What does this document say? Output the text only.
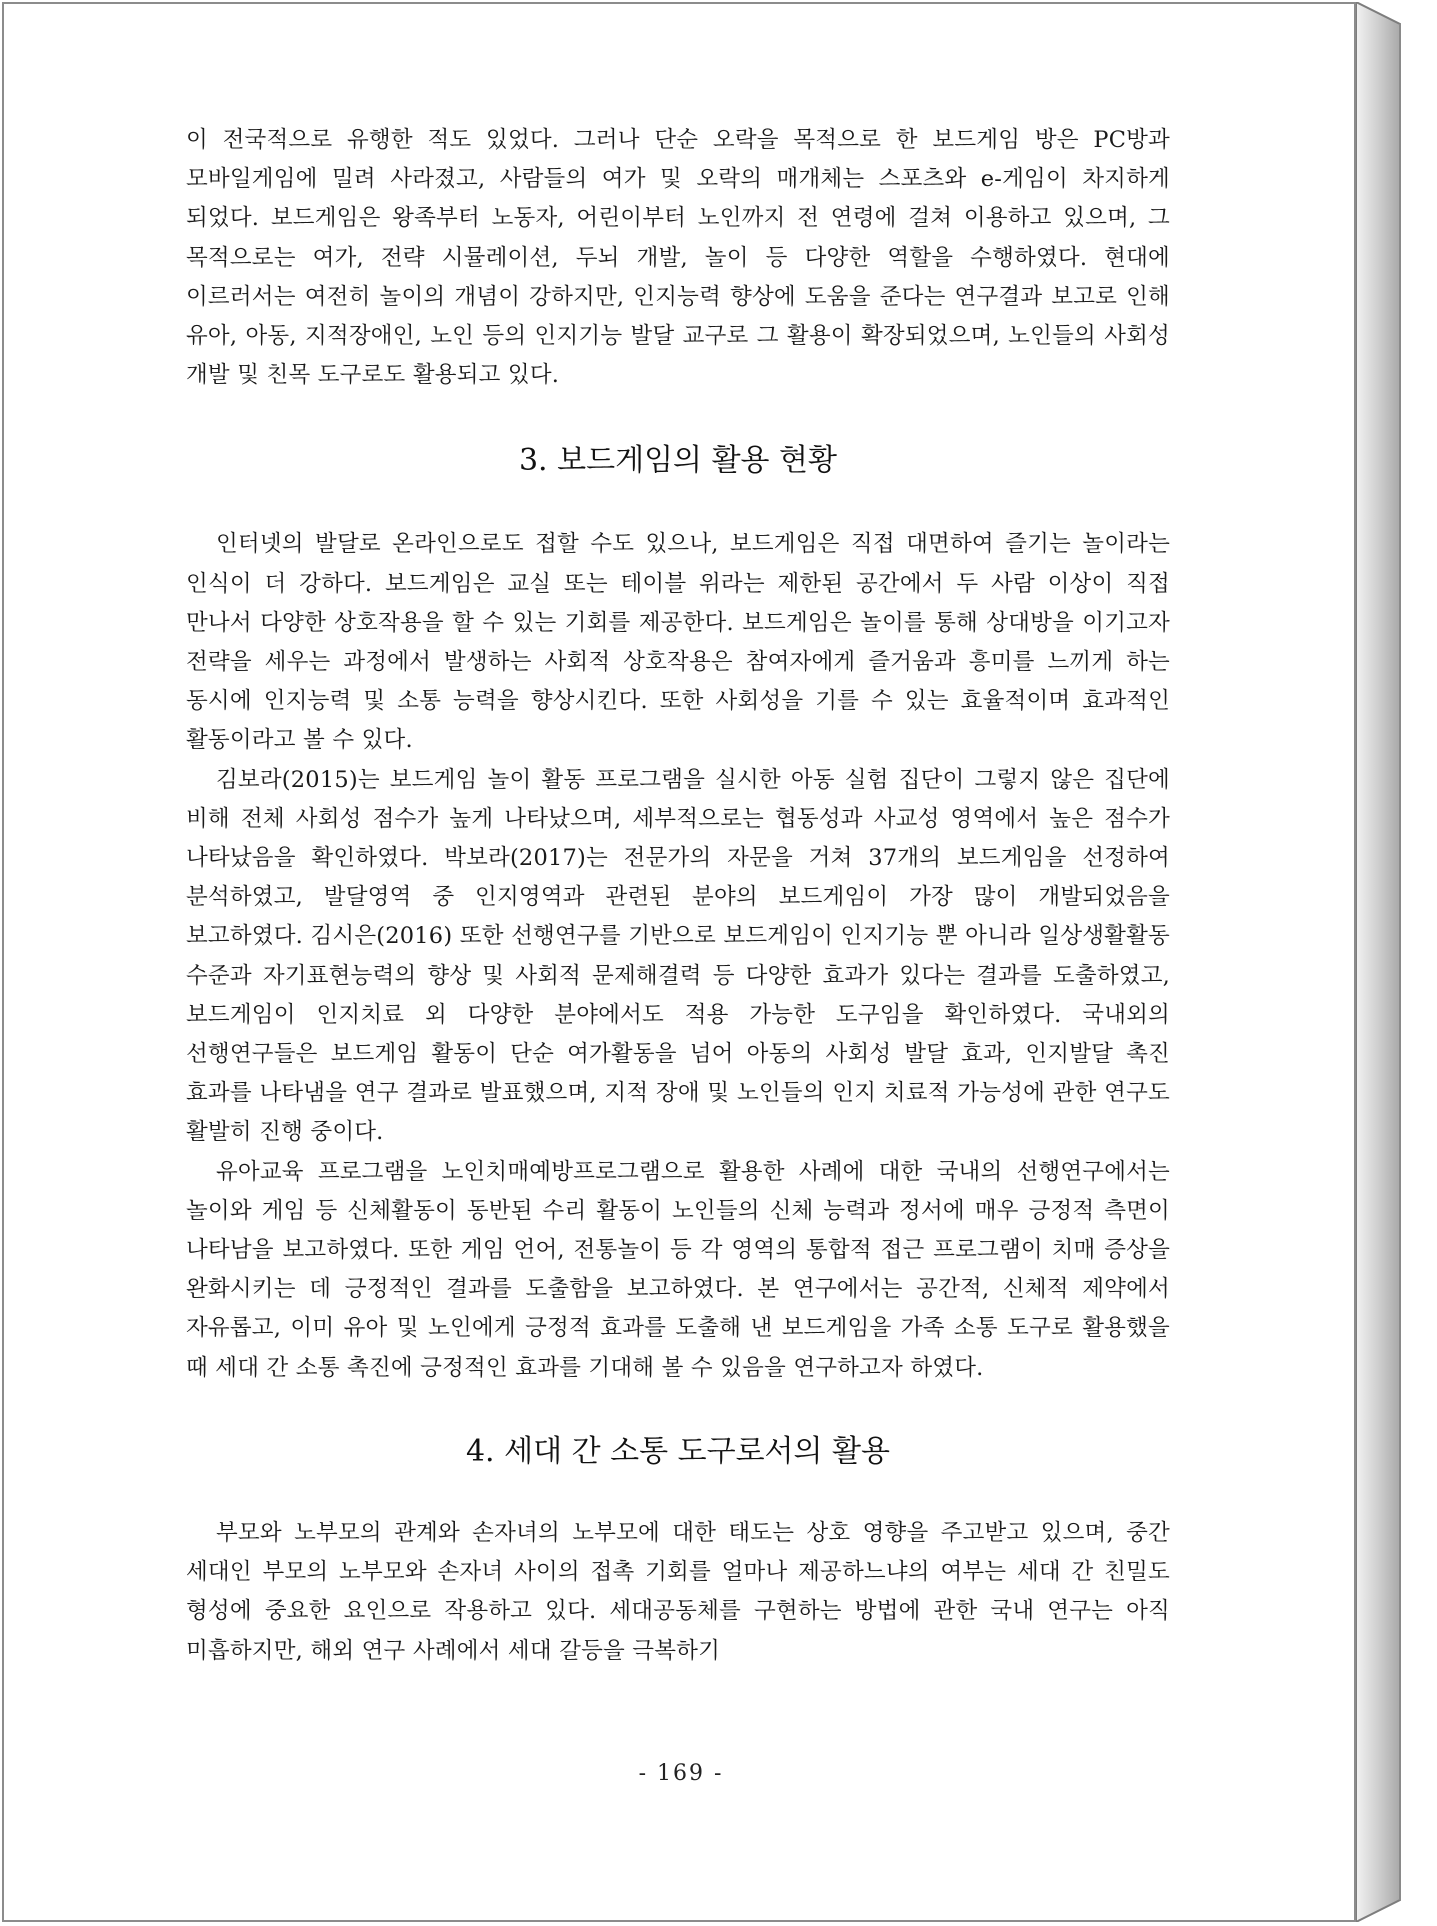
이 전국적으로 유행한 적도 있었다. 그러나 단순 오락을 목적으로 한 보드게임 방은 PC방과 모바일게임에 밀려 사라졌고, 사람들의 여가 및 오락의 매개체는 스포츠와 e-게임이 차지하게 되었다. 보드게임은 왕족부터 노동자, 어린이부터 노인까지 전 연령에 걸쳐 이용하고 있으며, 그 목적으로는 여가, 전략 시뮬레이션, 두뇌 개발, 놀이 등 다양한 역할을 수행하였다. 현대에 이르러서는 여전히 놀이의 개념이 강하지만, 인지능력 향상에 도움을 준다는 연구결과 보고로 인해 유아, 아동, 지적장애인, 노인 등의 인지기능 발달 교구로 그 활용이 확장되었으며, 노인들의 사회성 개발 및 친목 도구로도 활용되고 있다.

3. 보드게임의 활용 현황

인터넷의 발달로 온라인으로도 접할 수도 있으나, 보드게임은 직접 대면하여 즐기는 놀이라는 인식이 더 강하다. 보드게임은 교실 또는 테이블 위라는 제한된 공간에서 두 사람 이상이 직접 만나서 다양한 상호작용을 할 수 있는 기회를 제공한다. 보드게임은 놀이를 통해 상대방을 이기고자 전략을 세우는 과정에서 발생하는 사회적 상호작용은 참여자에게 즐거움과 흥미를 느끼게 하는 동시에 인지능력 및 소통 능력을 향상시킨다. 또한 사회성을 기를 수 있는 효율적이며 효과적인 활동이라고 볼 수 있다.

김보라(2015)는 보드게임 놀이 활동 프로그램을 실시한 아동 실험 집단이 그렇지 않은 집단에 비해 전체 사회성 점수가 높게 나타났으며, 세부적으로는 협동성과 사교성 영역에서 높은 점수가 나타났음을 확인하였다. 박보라(2017)는 전문가의 자문을 거쳐 37개의 보드게임을 선정하여 분석하였고, 발달영역 중 인지영역과 관련된 분야의 보드게임이 가장 많이 개발되었음을 보고하였다. 김시은(2016) 또한 선행연구를 기반으로 보드게임이 인지기능 뿐 아니라 일상생활활동 수준과 자기표현능력의 향상 및 사회적 문제해결력 등 다양한 효과가 있다는 결과를 도출하였고, 보드게임이 인지치료 외 다양한 분야에서도 적용 가능한 도구임을 확인하였다. 국내외의 선행연구들은 보드게임 활동이 단순 여가활동을 넘어 아동의 사회성 발달 효과, 인지발달 촉진 효과를 나타냄을 연구 결과로 발표했으며, 지적 장애 및 노인들의 인지 치료적 가능성에 관한 연구도 활발히 진행 중이다.

유아교육 프로그램을 노인치매예방프로그램으로 활용한 사례에 대한 국내의 선행연구에서는 놀이와 게임 등 신체활동이 동반된 수리 활동이 노인들의 신체 능력과 정서에 매우 긍정적 측면이 나타남을 보고하였다. 또한 게임 언어, 전통놀이 등 각 영역의 통합적 접근 프로그램이 치매 증상을 완화시키는 데 긍정적인 결과를 도출함을 보고하였다. 본 연구에서는 공간적, 신체적 제약에서 자유롭고, 이미 유아 및 노인에게 긍정적 효과를 도출해 낸 보드게임을 가족 소통 도구로 활용했을 때 세대 간 소통 촉진에 긍정적인 효과를 기대해 볼 수 있음을 연구하고자 하였다.

4. 세대 간 소통 도구로서의 활용

부모와 노부모의 관계와 손자녀의 노부모에 대한 태도는 상호 영향을 주고받고 있으며, 중간 세대인 부모의 노부모와 손자녀 사이의 접촉 기회를 얼마나 제공하느냐의 여부는 세대 간 친밀도 형성에 중요한 요인으로 작용하고 있다. 세대공동체를 구현하는 방법에 관한 국내 연구는 아직 미흡하지만, 해외 연구 사례에서 세대 갈등을 극복하기

- 169 -
